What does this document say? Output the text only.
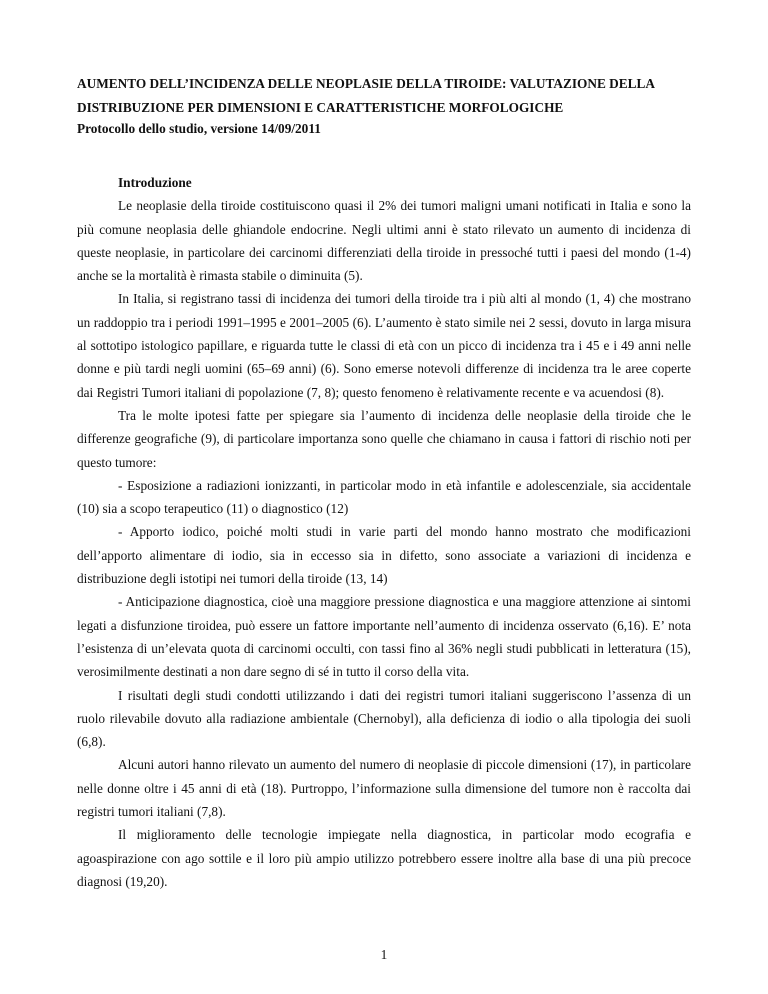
AUMENTO DELL’INCIDENZA DELLE NEOPLASIE DELLA TIROIDE: VALUTAZIONE DELLA DISTRIBUZIONE PER DIMENSIONI E CARATTERISTICHE MORFOLOGICHE

Protocollo dello studio, versione 14/09/2011

Introduzione

Le neoplasie della tiroide costituiscono quasi il 2% dei tumori maligni umani notificati in Italia e sono la più comune neoplasia delle ghiandole endocrine. Negli ultimi anni è stato rilevato un aumento di incidenza di queste neoplasie, in particolare dei carcinomi differenziati della tiroide in pressoché tutti i paesi del mondo (1-4) anche se la mortalità è rimasta stabile o diminuita (5).

In Italia, si registrano tassi di incidenza dei tumori della tiroide tra i più alti al mondo (1, 4) che mostrano un raddoppio tra i periodi 1991–1995 e 2001–2005 (6). L’aumento è stato simile nei 2 sessi, dovuto in larga misura al sottotipo istologico papillare, e riguarda tutte le classi di età con un picco di incidenza tra i 45 e i 49 anni nelle donne e più tardi negli uomini (65–69 anni) (6). Sono emerse notevoli differenze di incidenza tra le aree coperte dai Registri Tumori italiani di popolazione (7, 8); questo fenomeno è relativamente recente e va acuendosi (8).

Tra le molte ipotesi fatte per spiegare sia l’aumento di incidenza delle neoplasie della tiroide che le differenze geografiche (9), di particolare importanza sono quelle che chiamano in causa i fattori di rischio noti per questo tumore:

- Esposizione a radiazioni ionizzanti, in particolar modo in età infantile e adolescenziale, sia accidentale (10) sia a scopo terapeutico (11) o diagnostico (12)

- Apporto iodico, poiché molti studi in varie parti del mondo hanno mostrato che modificazioni dell’apporto alimentare di iodio, sia in eccesso sia in difetto, sono associate a variazioni di incidenza e distribuzione degli istotipi nei tumori della tiroide (13, 14)

- Anticipazione diagnostica, cioè una maggiore pressione diagnostica e una maggiore attenzione ai sintomi legati a disfunzione tiroidea, può essere un fattore importante nell’aumento di incidenza osservato (6,16). E’ nota l’esistenza di un’elevata quota di carcinomi occulti, con tassi fino al 36% negli studi pubblicati in letteratura (15), verosimilmente destinati a non dare segno di sé in tutto il corso della vita.

I risultati degli studi condotti utilizzando i dati dei registri tumori italiani suggeriscono l’assenza di un ruolo rilevabile dovuto alla radiazione ambientale (Chernobyl), alla deficienza di iodio o alla tipologia dei suoli (6,8).

Alcuni autori hanno rilevato un aumento del numero di neoplasie di piccole dimensioni (17), in particolare nelle donne oltre i 45 anni di età (18). Purtroppo, l’informazione sulla dimensione del tumore non è raccolta dai registri tumori italiani (7,8).

Il miglioramento delle tecnologie impiegate nella diagnostica, in particolar modo ecografia e agoaspirazione con ago sottile e il loro più ampio utilizzo potrebbero essere inoltre alla base di una più precoce diagnosi (19,20).

1
